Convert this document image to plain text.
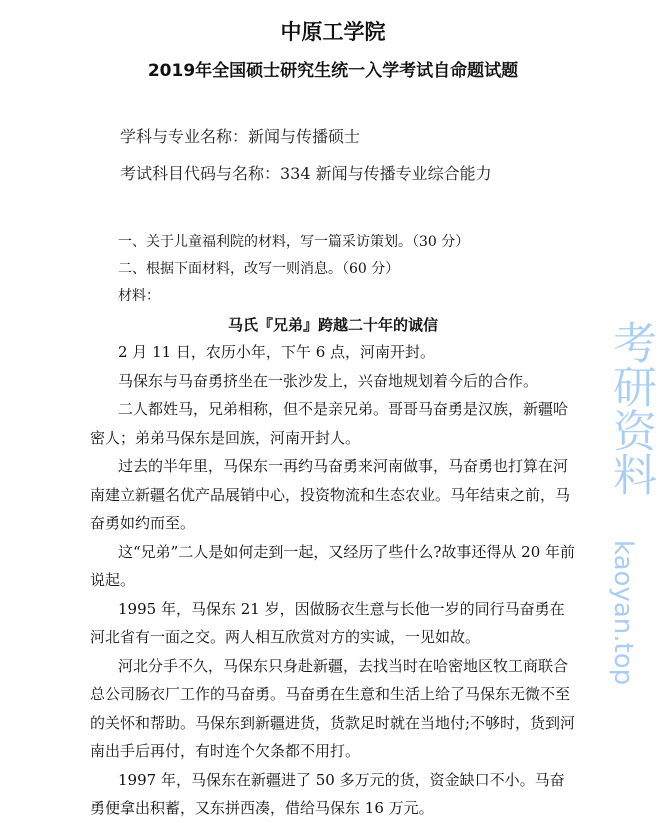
中原工学院
2019年全国硕士研究生统一入学考试自命题试题
学科与专业名称：新闻与传播硕士
考试科目代码与名称：334 新闻与传播专业综合能力
一、关于儿童福利院的材料，写一篇采访策划。（30 分）
二、根据下面材料，改写一则消息。（60 分）
材料：
马氏『兄弟』跨越二十年的诚信

2 月 11 日，农历小年，下午 6 点，河南开封。

马保东与马奋勇挤坐在一张沙发上，兴奋地规划着今后的合作。

二人都姓马，兄弟相称，但不是亲兄弟。哥哥马奋勇是汉族，新疆哈密人；弟弟马保东是回族，河南开封人。

过去的半年里，马保东一再约马奋勇来河南做事，马奋勇也打算在河南建立新疆名优产品展销中心，投资物流和生态农业。马年结束之前，马奋勇如约而至。

这“兄弟”二人是如何走到一起，又经历了些什么?故事还得从 20 年前说起。

1995 年，马保东 21 岁，因做肠衣生意与长他一岁的同行马奋勇在河北省有一面之交。两人相互欣赏对方的实诚，一见如故。

河北分手不久，马保东只身赴新疆，去找当时在哈密地区牧工商联合总公司肠衣厂工作的马奋勇。马奋勇在生意和生活上给了马保东无微不至的关怀和帮助。马保东到新疆进货，货款足时就在当地付;不够时，货到河南出手后再付，有时连个欠条都不用打。

1997 年，马保东在新疆进了 50 多万元的货，资金缺口不小。马奋勇便拿出积蓄，又东拼西凑，借给马保东 16 万元。

考研资料
kaoyan.top
